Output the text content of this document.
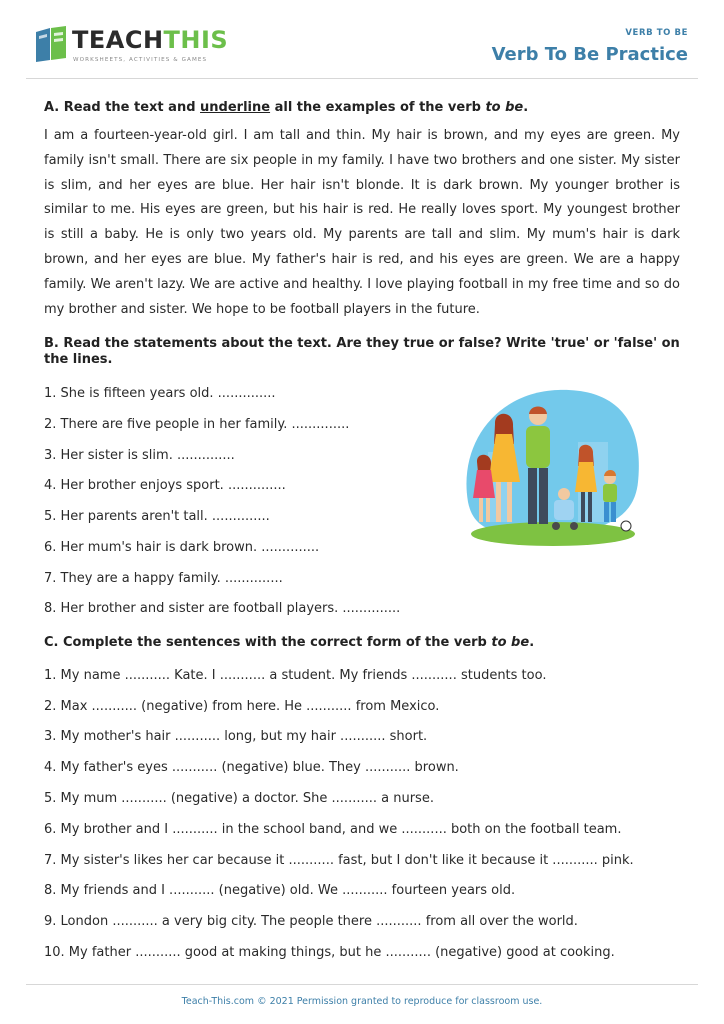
TEACHTHIS
WORKSHEETS, ACTIVITIES & GAMES
VERB TO BE
Verb To Be Practice
A. Read the text and underline all the examples of the verb to be.
I am a fourteen-year-old girl. I am tall and thin. My hair is brown, and my eyes are green. My family isn't small. There are six people in my family. I have two brothers and one sister. My sister is slim, and her eyes are blue. Her hair isn't blonde. It is dark brown. My younger brother is similar to me. His eyes are green, but his hair is red. He really loves sport. My youngest brother is still a baby. He is only two years old. My parents are tall and slim. My mum's hair is dark brown, and her eyes are blue. My father's hair is red, and his eyes are green. We are a happy family. We aren't lazy. We are active and healthy. I love playing football in my free time and so do my brother and sister. We hope to be football players in the future.
B. Read the statements about the text. Are they true or false? Write 'true' or 'false' on the lines.
1. She is fifteen years old. ..............
2. There are five people in her family. ..............
3. Her sister is slim. ..............
4. Her brother enjoys sport. ..............
5. Her parents aren't tall. ..............
6. Her mum's hair is dark brown. ..............
7. They are a happy family. ..............
8. Her brother and sister are football players. ..............
C. Complete the sentences with the correct form of the verb to be.
1. My name ........... Kate. I ........... a student. My friends ........... students too.
2. Max ........... (negative) from here. He ........... from Mexico.
3. My mother's hair ........... long, but my hair ........... short.
4. My father's eyes ........... (negative) blue. They ........... brown.
5. My mum ........... (negative) a doctor. She ........... a nurse.
6. My brother and I ........... in the school band, and we ........... both on the football team.
7. My sister's likes her car because it ........... fast, but I don't like it because it ........... pink.
8. My friends and I ........... (negative) old. We ........... fourteen years old.
9. London ........... a very big city. The people there ........... from all over the world.
10. My father ........... good at making things, but he ........... (negative) good at cooking.
Teach-This.com © 2021 Permission granted to reproduce for classroom use.
